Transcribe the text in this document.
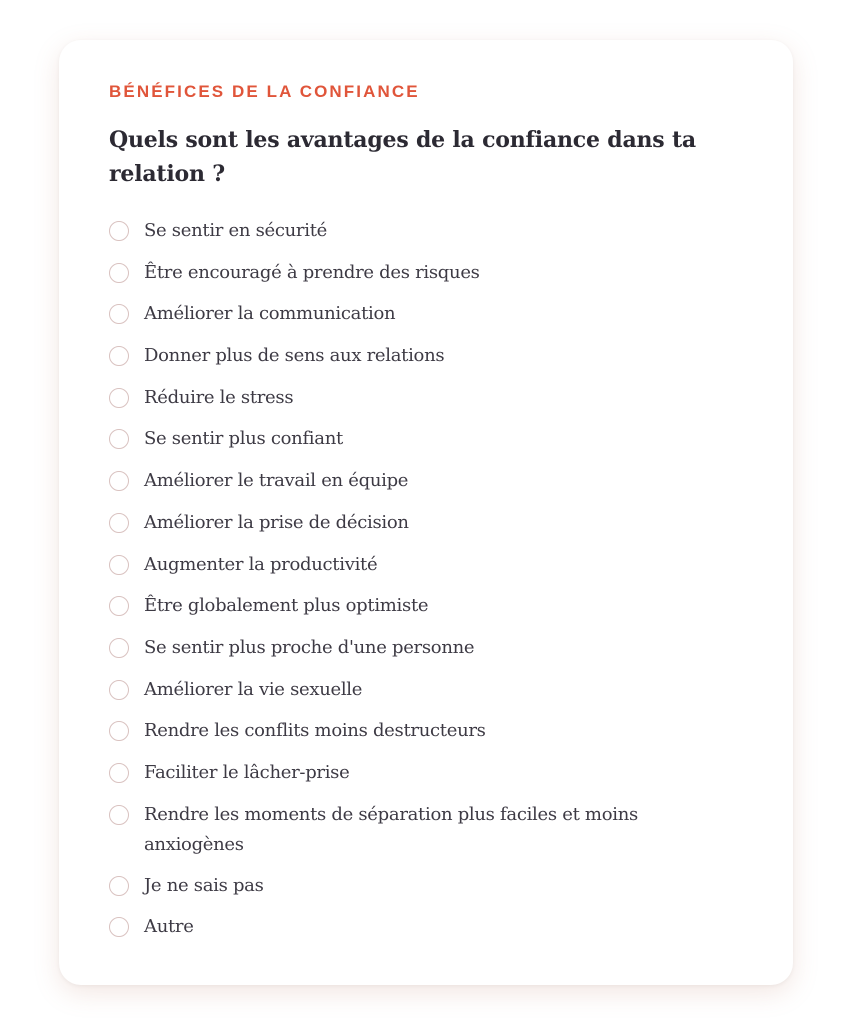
BÉNÉFICES DE LA CONFIANCE

Quels sont les avantages de la confiance dans ta relation ?
Se sentir en sécurité
Être encouragé à prendre des risques
Améliorer la communication
Donner plus de sens aux relations
Réduire le stress
Se sentir plus confiant
Améliorer le travail en équipe
Améliorer la prise de décision
Augmenter la productivité
Être globalement plus optimiste
Se sentir plus proche d'une personne
Améliorer la vie sexuelle
Rendre les conflits moins destructeurs
Faciliter le lâcher-prise
Rendre les moments de séparation plus faciles et moins anxiogènes
Je ne sais pas
Autre
